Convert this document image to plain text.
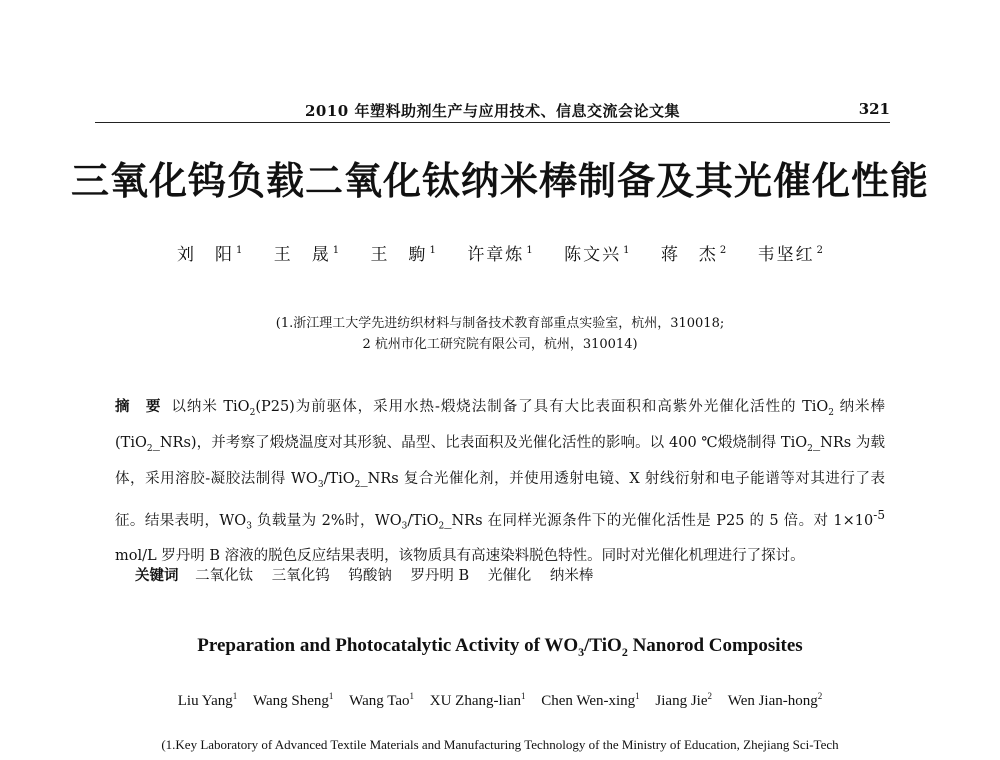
2010 年塑料助剂生产与应用技术、信息交流会论文集	321
三氧化钨负载二氧化钛纳米棒制备及其光催化性能
刘　阳 $^1$ 王　晟 $^1$ 王　駒 $^1$ 许章炼 $^1$ 陈文兴 $^1$ 蒋　杰 $^2$ 韦坚红 $^2$
(1.浙江理工大学先进纺织材料与制备技术教育部重点实验室，杭州，310018;
2 杭州市化工研究院有限公司，杭州，310014)
摘　要 以纳米 TiO$_2$(P25)为前驱体，采用水热-煅烧法制备了具有大比表面积和高紫外光催化活性的 TiO$_2$ 纳米棒(TiO$_2$_NRs)，并考察了煅烧温度对其形貌、晶型、比表面积及光催化活性的影响。以 400 ℃煅烧制得 TiO$_2$_NRs 为载体，采用溶胶-凝胶法制得 $WO_3/TiO_2\_NRs$ 复合光催化剂，并使用透射电镜、X 射线衍射和电子能谱等对其进行了表征。结果表明，$WO_3$ 负载量为 2%时，$WO_3/TiO_2\_NRs$ 在同样光源条件下的光催化活性是 P25 的 5 倍。对 $1\times 10^{-5}$ mol/L 罗丹明 B 溶液的脱色反应结果表明，该物质具有高速染料脱色特性。同时对光催化机理进行了探讨。
关键词 二氧化钛 三氧化钨 钨酸钠 罗丹明 B 光催化 纳米棒
Preparation and Photocatalytic Activity of $WO_3/TiO_2$ Nanorod Composites
Liu Yang$^1$ Wang Sheng$^1$ Wang Tao$^1$ XU Zhang-lian$^1$ Chen Wen-xing$^1$ Jiang Jie$^2$ Wen Jian-hong$^2$
(1.Key Laboratory of Advanced Textile Materials and Manufacturing Technology of the Ministry of Education, Zhejiang Sci-Tech
